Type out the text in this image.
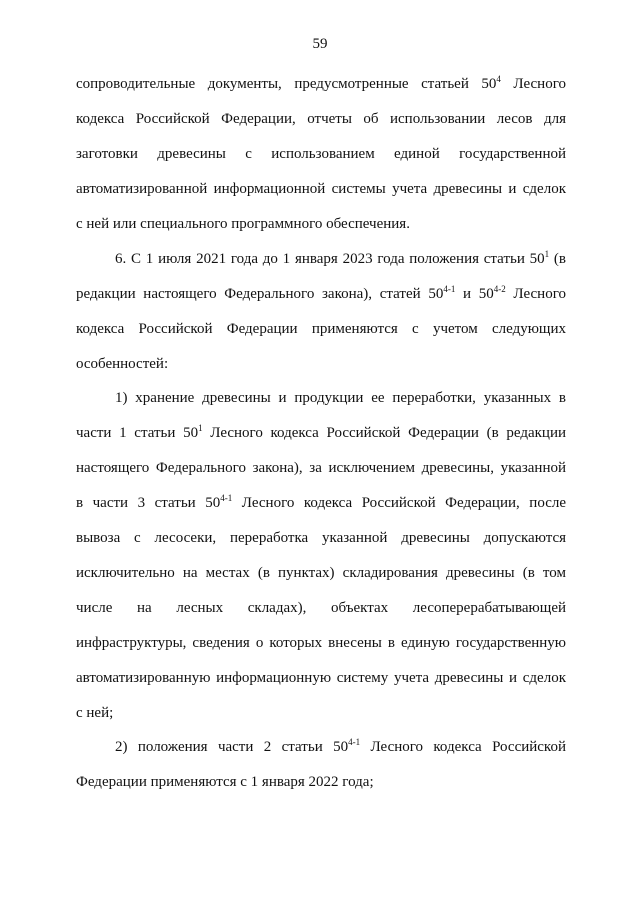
59
сопроводительные документы, предусмотренные статьей $50^4$ Лесного
кодекса Российской Федерации, отчеты об использовании лесов для
заготовки древесины с использованием единой государственной
автоматизированной информационной системы учета древесины и сделок
с ней или специального программного обеспечения.
6. С 1 июля 2021 года до 1 января 2023 года положения статьи $50^1$ (в
редакции настоящего Федерального закона), статей 50$^{4-1}$ и 50$^{4-2}$ Лесного
кодекса Российской Федерации применяются с учетом следующих
особенностей:
1) хранение древесины и продукции ее переработки, указанных в
части 1 статьи $50^1$ Лесного кодекса Российской Федерации (в редакции
настоящего Федерального закона), за исключением древесины, указанной
в части 3 статьи 50$^{4-1}$ Лесного кодекса Российской Федерации, после
вывоза с лесосеки, переработка указанной древесины допускаются
исключительно на местах (в пунктах) складирования древесины (в том
числе на лесных складах), объектах лесоперерабатывающей
инфраструктуры, сведения о которых внесены в единую государственную
автоматизированную информационную систему учета древесины и сделок
с ней;
2) положения части 2 статьи 50$^{4-1}$ Лесного кодекса Российской
Федерации применяются с 1 января 2022 года;
